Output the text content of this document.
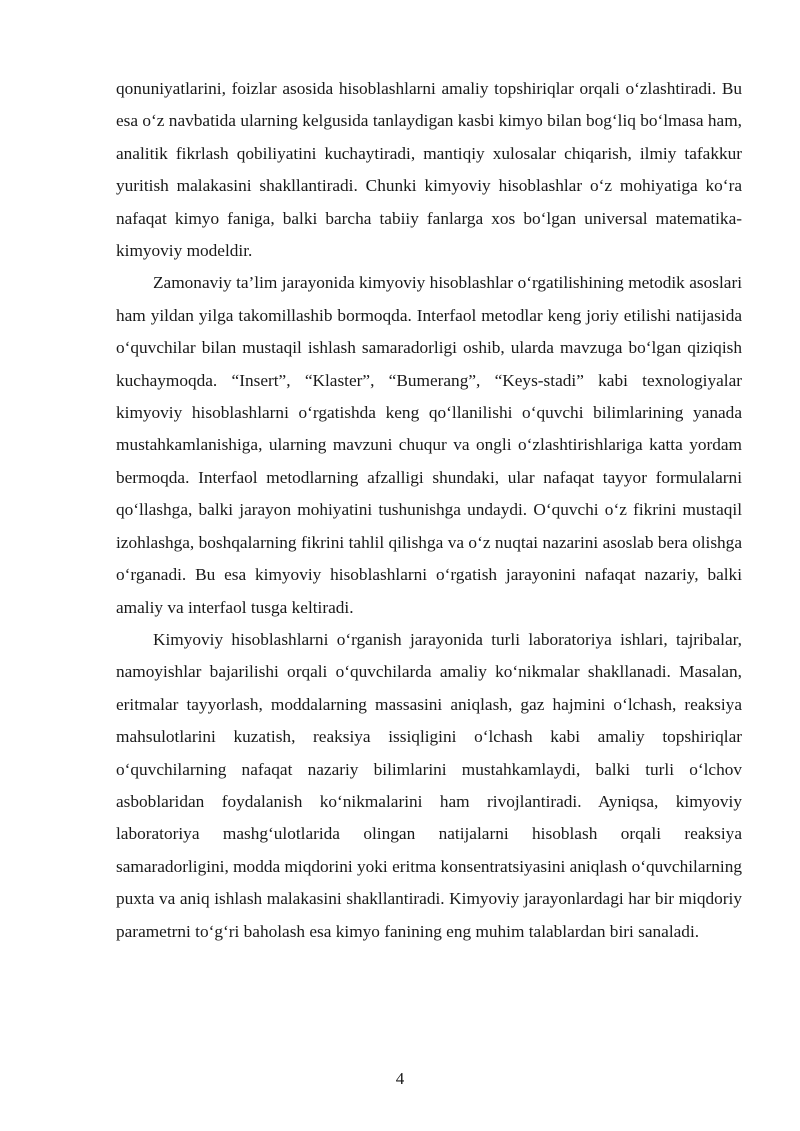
qonuniyatlarini, foizlar asosida hisoblashlarni amaliy topshiriqlar orqali o‘zlashtiradi. Bu esa o‘z navbatida ularning kelgusida tanlaydigan kasbi kimyo bilan bog‘liq bo‘lmasa ham, analitik fikrlash qobiliyatini kuchaytiradi, mantiqiy xulosalar chiqarish, ilmiy tafakkur yuritish malakasini shakllantiradi. Chunki kimyoviy hisoblashlar o‘z mohiyatiga ko‘ra nafaqat kimyo faniga, balki barcha tabiiy fanlarga xos bo‘lgan universal matematika-kimyoviy modeldir.

Zamonaviy ta’lim jarayonida kimyoviy hisoblashlar o‘rgatilishining metodik asoslari ham yildan yilga takomillashib bormoqda. Interfaol metodlar keng joriy etilishi natijasida o‘quvchilar bilan mustaqil ishlash samaradorligi oshib, ularda mavzuga bo‘lgan qiziqish kuchaymoqda. “Insert”, “Klaster”, “Bumerang”, “Keys-stadi” kabi texnologiyalar kimyoviy hisoblashlarni o‘rgatishda keng qo‘llanilishi o‘quvchi bilimlarining yanada mustahkamlanishiga, ularning mavzuni chuqur va ongli o‘zlashtirishlariga katta yordam bermoqda. Interfaol metodlarning afzalligi shundaki, ular nafaqat tayyor formulalarni qo‘llashga, balki jarayon mohiyatini tushunishga undaydi. O‘quvchi o‘z fikrini mustaqil izohlashga, boshqalarning fikrini tahlil qilishga va o‘z nuqtai nazarini asoslab bera olishga o‘rganadi. Bu esa kimyoviy hisoblashlarni o‘rgatish jarayonini nafaqat nazariy, balki amaliy va interfaol tusga keltiradi.

Kimyoviy hisoblashlarni o‘rganish jarayonida turli laboratoriya ishlari, tajribalar, namoyishlar bajarilishi orqali o‘quvchilarda amaliy ko‘nikmalar shakllanadi. Masalan, eritmalar tayyorlash, moddalarning massasini aniqlash, gaz hajmini o‘lchash, reaksiya mahsulotlarini kuzatish, reaksiya issiqligini o‘lchash kabi amaliy topshiriqlar o‘quvchilarning nafaqat nazariy bilimlarini mustahkamlaydi, balki turli o‘lchov asboblaridan foydalanish ko‘nikmalarini ham rivojlantiradi. Ayniqsa, kimyoviy laboratoriya mashg‘ulotlarida olingan natijalarni hisoblash orqali reaksiya samaradorligini, modda miqdorini yoki eritma konsentratsiyasini aniqlash o‘quvchilarning puxta va aniq ishlash malakasini shakllantiradi. Kimyoviy jarayonlardagi har bir miqdoriy parametrni to‘g‘ri baholash esa kimyo fanining eng muhim talablardan biri sanaladi.

4
